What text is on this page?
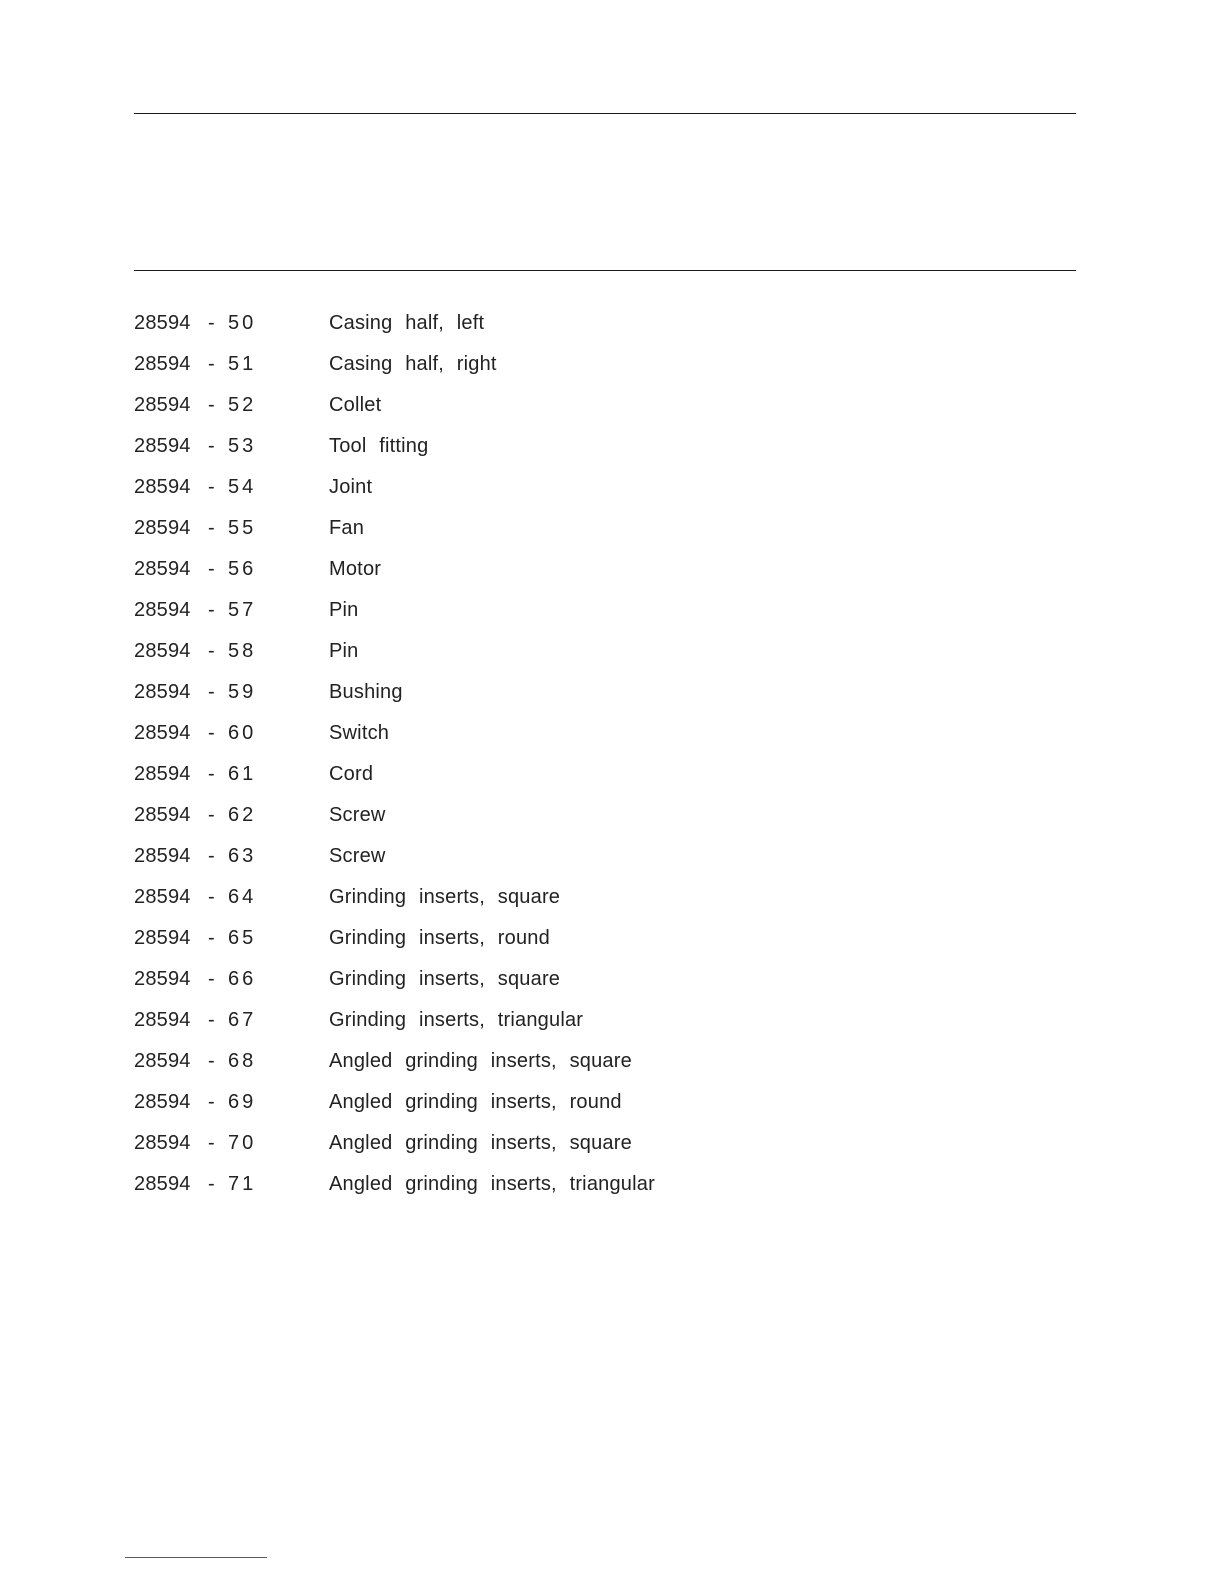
28594 - 50	Casing half, left
28594 - 51	Casing half, right
28594 - 52	Collet
28594 - 53	Tool fitting
28594 - 54	Joint
28594 - 55	Fan
28594 - 56	Motor
28594 - 57	Pin
28594 - 58	Pin
28594 - 59	Bushing
28594 - 60	Switch
28594 - 61	Cord
28594 - 62	Screw
28594 - 63	Screw
28594 - 64	Grinding inserts, square
28594 - 65	Grinding inserts, round
28594 - 66	Grinding inserts, square
28594 - 67	Grinding inserts, triangular
28594 - 68	Angled grinding inserts, square
28594 - 69	Angled grinding inserts, round
28594 - 70	Angled grinding inserts, square
28594 - 71	Angled grinding inserts, triangular
